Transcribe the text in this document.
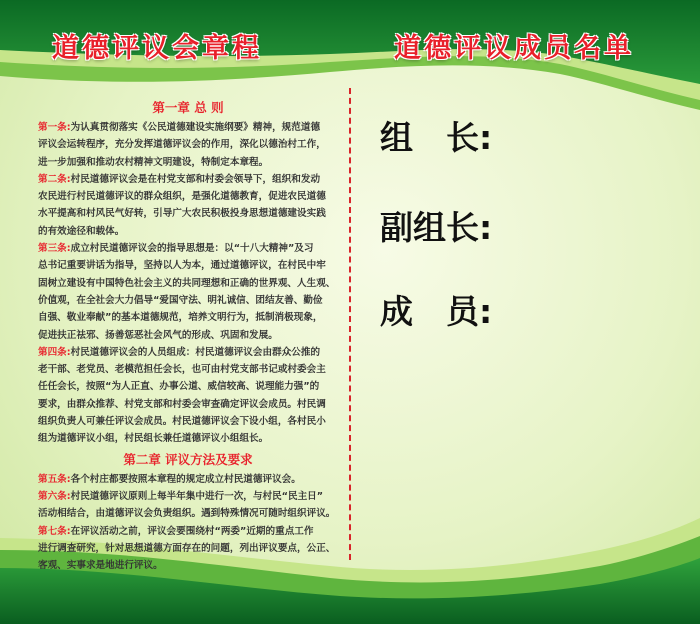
道德评议会章程	道德评议成员名单
第一章 总 则

第一条:为认真贯彻落实《公民道德建设实施纲要》精神，规范道德
评议会运转程序，充分发挥道德评议会的作用，深化以德治村工作，
进一步加强和推动农村精神文明建设，特制定本章程。

第二条:村民道德评议会是在村党支部和村委会领导下，组织和发动
农民进行村民道德评议的群众组织，是强化道德教育，促进农民道德
水平提高和村风民气好转，引导广大农民积极投身思想道德建设实践
的有效途径和载体。

第三条:成立村民道德评议会的指导思想是：以“十八大精神”及习
总书记重要讲话为指导，坚持以人为本，通过道德评议，在村民中牢
固树立建设有中国特色社会主义的共同理想和正确的世界观、人生观、
价值观，在全社会大力倡导“爱国守法、明礼诚信、团结友善、勤俭
自强、敬业奉献”的基本道德规范，培养文明行为，抵制消极现象，
促进扶正祛邪、扬善惩恶社会风气的形成、巩固和发展。

第四条:村民道德评议会的人员组成：村民道德评议会由群众公推的
老干部、老党员、老模范担任会长，也可由村党支部书记或村委会主
任任会长，按照“为人正直、办事公道、威信较高、说理能力强”的
要求，由群众推荐、村党支部和村委会审查确定评议会成员。村民调
组织负责人可兼任评议会成员。村民道德评议会下设小组，各村民小
组为道德评议小组，村民组长兼任道德评议小组组长。

第二章 评议方法及要求

第五条:各个村庄都要按照本章程的规定成立村民道德评议会。

第六条:村民道德评议原则上每半年集中进行一次，与村民“民主日”
活动相结合，由道德评议会负责组织。遇到特殊情况可随时组织评议。

第七条:在评议活动之前，评议会要围绕村“两委”近期的重点工作
进行调查研究，针对思想道德方面存在的问题，列出评议要点，公正、
客观、实事求是地进行评议。

组　长:
副组长:
成　员:
